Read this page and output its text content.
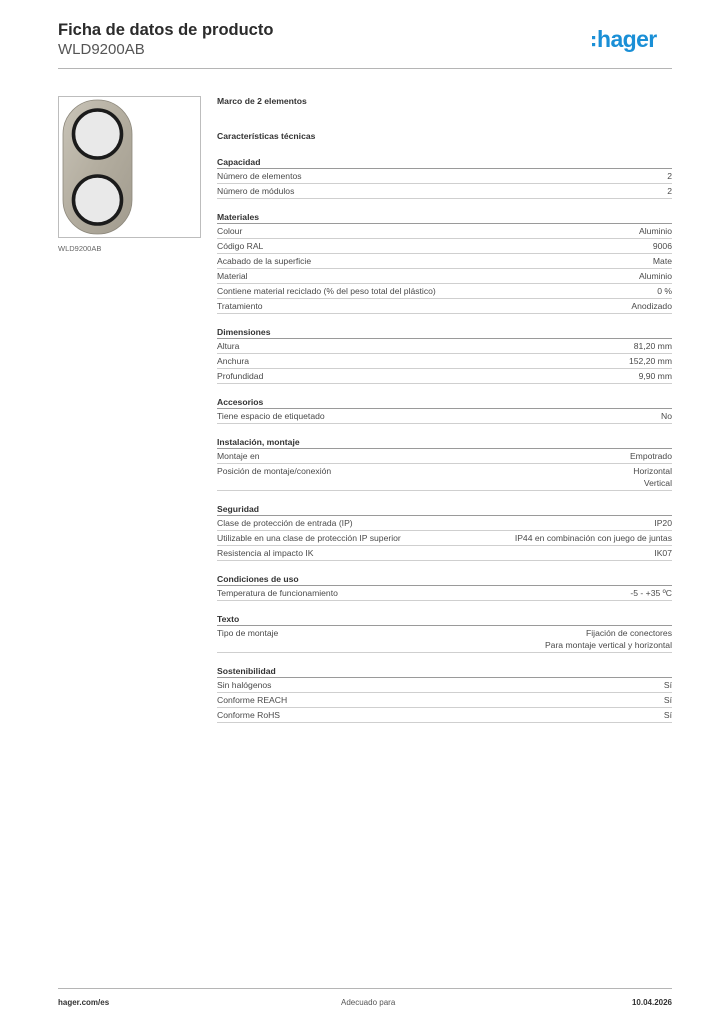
Ficha de datos de producto
WLD9200AB	hager
WLD9200AB
Marco de 2 elementos
Características técnicas
Capacidad
Número de elementos	2
Número de módulos	2
Materiales
Colour	Aluminio
Código RAL	9006
Acabado de la superficie	Mate
Material	Aluminio
Contiene material reciclado (% del peso total del plástico)	0 %
Tratamiento	Anodizado
Dimensiones
Altura	81,20 mm
Anchura	152,20 mm
Profundidad	9,90 mm
Accesorios
Tiene espacio de etiquetado	No
Instalación, montaje
Montaje en	Empotrado
Posición de montaje/conexión	Horizontal
Vertical
Seguridad
Clase de protección de entrada (IP)	IP20
Utilizable en una clase de protección IP superior	IP44 en combinación con juego de juntas
Resistencia al impacto IK	IK07
Condiciones de uso
Temperatura de funcionamiento	-5 - +35 ºC
Texto
Tipo de montaje	Fijación de conectores
Para montaje vertical y horizontal
Sostenibilidad
Sin halógenos	Sí
Conforme REACH	Sí
Conforme RoHS	Sí
hager.com/es	Adecuado para	10.04.2026
